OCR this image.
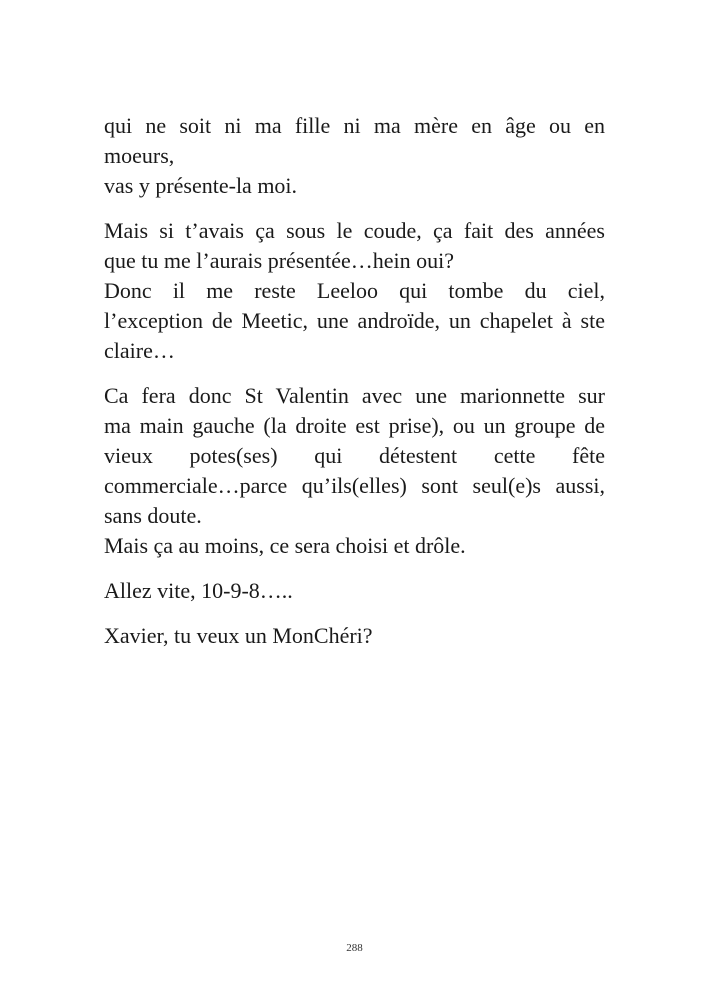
qui ne soit ni ma fille ni ma mère en âge ou en
moeurs,
vas y présente-la moi.
Mais si t’avais ça sous le coude, ça fait des années
que tu me l’aurais présentée…hein oui?
Donc il me reste Leeloo qui tombe du ciel,
l’exception de Meetic, une androïde, un chapelet à ste
claire…
Ca fera donc St Valentin avec une marionnette sur
ma main gauche (la droite est prise), ou un groupe de
vieux potes(ses) qui détestent cette fête
commerciale…parce qu’ils(elles) sont seul(e)s aussi,
sans doute.
Mais ça au moins, ce sera choisi et drôle.
Allez vite, 10-9-8…..
Xavier, tu veux un MonChéri?
288
